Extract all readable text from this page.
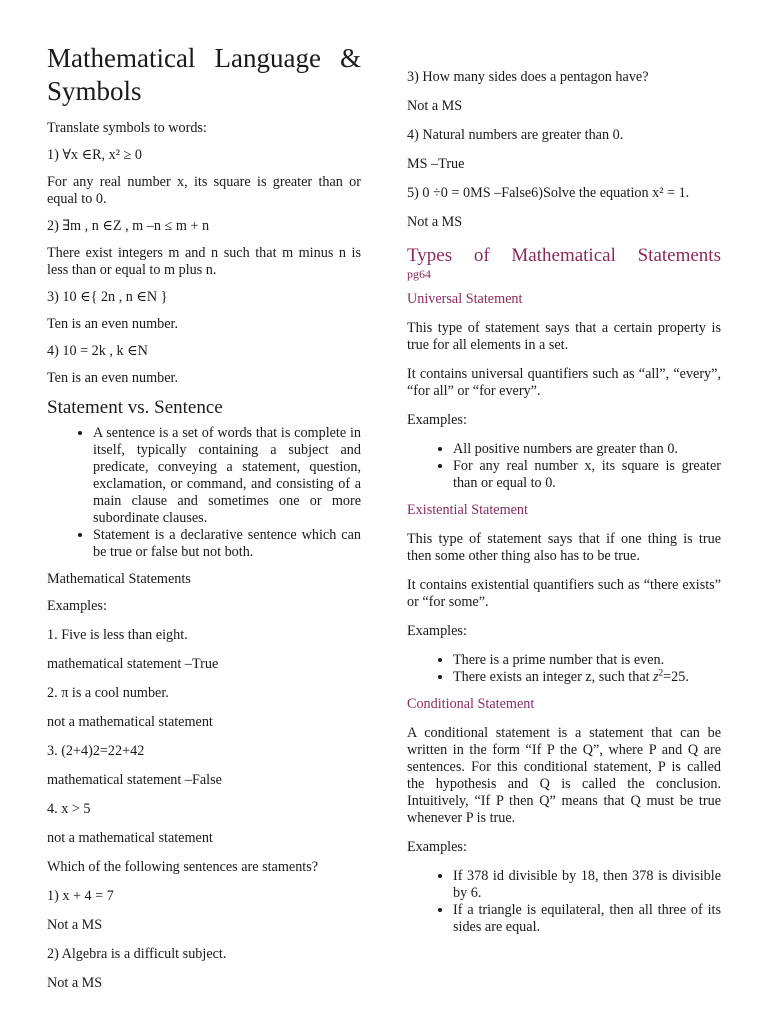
Mathematical Language & Symbols

Translate symbols to words:

1) ∀x ∈R, x² ≥ 0

For any real number x, its square is greater than or equal to 0.

2) ∃m , n ∈Z , m –n ≤ m + n

There exist integers m and n such that m minus n is less than or equal to m plus n.

3) 10 ∈{ 2n , n ∈N }

Ten is an even number.

4) 10 = 2k , k ∈N

Ten is an even number.

Statement vs. Sentence
• A sentence is a set of words that is complete in itself, typically containing a subject and predicate, conveying a statement, question, exclamation, or command, and consisting of a main clause and sometimes one or more subordinate clauses.
• Statement is a declarative sentence which can be true or false but not both.

Mathematical Statements

Examples:

1. Five is less than eight.

mathematical statement –True

2. π is a cool number.

not a mathematical statement

3. (2+4)2=22+42

mathematical statement –False

4. x > 5

not a mathematical statement

Which of the following sentences are staments?

1) x + 4 = 7

Not a MS

2) Algebra is a difficult subject.

Not a MS

3) How many sides does a pentagon have?

Not a MS

4) Natural numbers are greater than 0.

MS –True

5) 0 ÷0 = 0MS –False6)Solve the equation x² = 1.

Not a MS

Types of Mathematical Statements
pg64
Universal Statement

This type of statement says that a certain property is true for all elements in a set.

It contains universal quantifiers such as “all”, “every”, “for all” or “for every”.

Examples:

• All positive numbers are greater than 0.
• For any real number x, its square is greater than or equal to 0.
Existential Statement

This type of statement says that if one thing is true then some other thing also has to be true.

It contains existential quantifiers such as “there exists” or “for some”.

Examples:

• There is a prime number that is even.
• There exists an integer z, such that $z^2=25$.
Conditional Statement

A conditional statement is a statement that can be written in the form “If P the Q”, where P and Q are sentences. For this conditional statement, P is called the hypothesis and Q is called the conclusion. Intuitively, “If P then Q” means that Q must be true whenever P is true.

Examples:

• If 378 id divisible by 18, then 378 is divisible by 6.
• If a triangle is equilateral, then all three of its sides are equal.
